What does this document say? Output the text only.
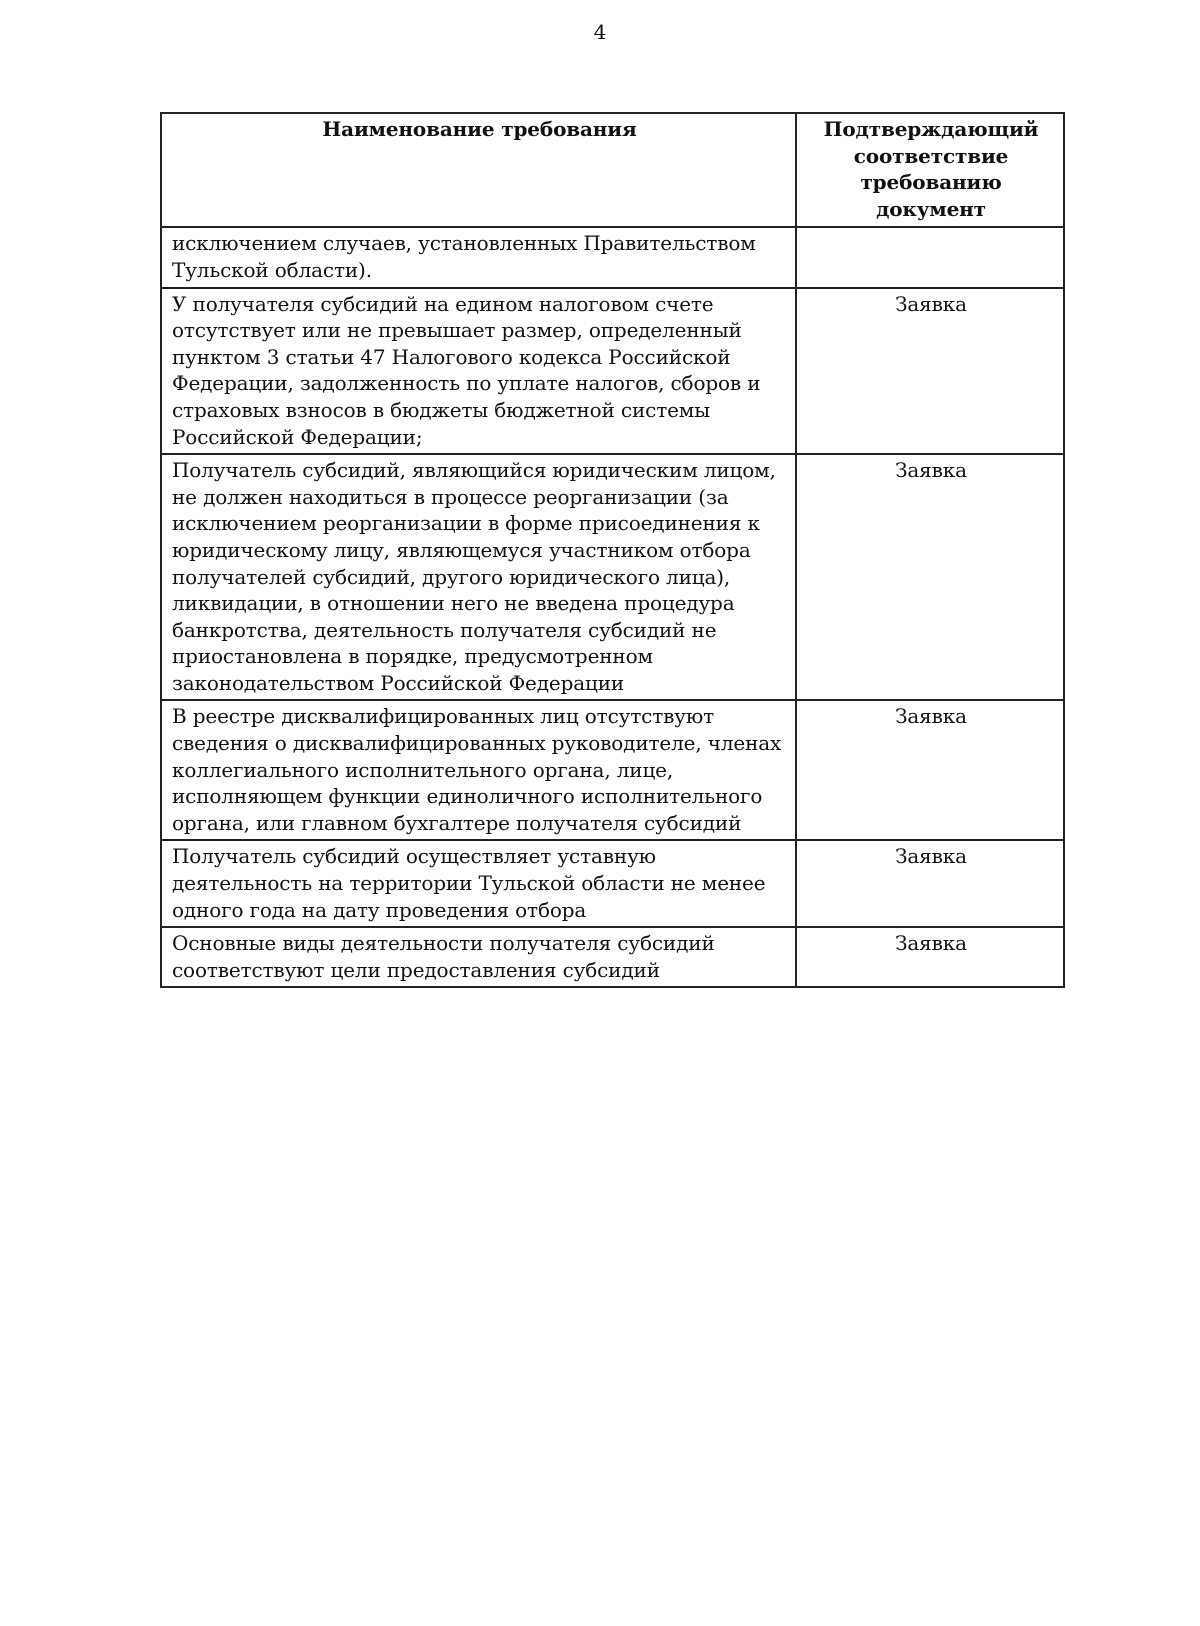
4
Наименование требования	Подтверждающий соответствие требованию документ
исключением случаев, установленных Правительством Тульской области).	
У получателя субсидий на едином налоговом счете отсутствует или не превышает размер, определенный пунктом 3 статьи 47 Налогового кодекса Российской Федерации, задолженность по уплате налогов, сборов и страховых взносов в бюджеты бюджетной системы Российской Федерации;	Заявка
Получатель субсидий, являющийся юридическим лицом, не должен находиться в процессе реорганизации (за исключением реорганизации в форме присоединения к юридическому лицу, являющемуся участником отбора получателей субсидий, другого юридического лица), ликвидации, в отношении него не введена процедура банкротства, деятельность получателя субсидий не приостановлена в порядке, предусмотренном законодательством Российской Федерации	Заявка
В реестре дисквалифицированных лиц отсутствуют сведения о дисквалифицированных руководителе, членах коллегиального исполнительного органа, лице, исполняющем функции единоличного исполнительного органа, или главном бухгалтере получателя субсидий	Заявка
Получатель субсидий осуществляет уставную деятельность на территории Тульской области не менее одного года на дату проведения отбора	Заявка
Основные виды деятельности получателя субсидий соответствуют цели предоставления субсидий	Заявка
